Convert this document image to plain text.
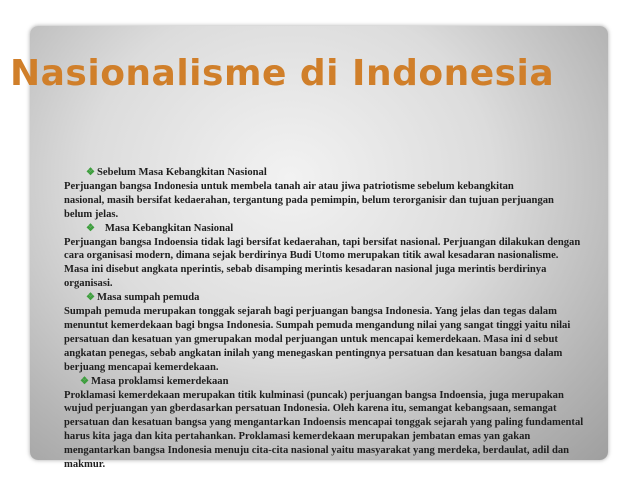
Nasionalisme di Indonesia

❖ Sebelum Masa Kebangkitan Nasional

Perjuangan bangsa Indonesia untuk membela tanah air atau jiwa patriotisme sebelum kebangkitan

nasional, masih bersifat kedaerahan, tergantung pada pemimpin, belum terorganisir dan tujuan perjuangan

belum jelas.

❖   Masa Kebangkitan Nasional

Perjuangan bangsa Indoensia tidak lagi bersifat kedaerahan, tapi bersifat nasional. Perjuangan dilakukan dengan

cara organisasi modern, dimana sejak berdirinya Budi Utomo merupakan titik awal kesadaran nasionalisme.

Masa ini disebut angkata nperintis, sebab disamping merintis kesadaran nasional juga merintis berdirinya

organisasi.

❖ Masa sumpah pemuda

Sumpah pemuda merupakan tonggak sejarah bagi perjuangan bangsa Indonesia. Yang jelas dan tegas dalam

menuntut kemerdekaan bagi bngsa Indonesia. Sumpah pemuda mengandung nilai yang sangat tinggi yaitu nilai

persatuan dan kesatuan yan gmerupakan modal perjuangan untuk mencapai kemerdekaan. Masa ini d sebut

angkatan penegas, sebab angkatan inilah yang menegaskan pentingnya persatuan dan kesatuan bangsa dalam

berjuang mencapai kemerdekaan.

❖ Masa proklamsi kemerdekaan

Proklamasi kemerdekaan merupakan titik kulminasi (puncak) perjuangan bangsa Indoensia, juga merupakan

wujud perjuangan yan gberdasarkan persatuan Indonesia. Oleh karena itu, semangat kebangsaan, semangat

persatuan dan kesatuan bangsa yang mengantarkan Indoensis mencapai tonggak sejarah yang paling fundamental

harus kita jaga dan kita pertahankan. Proklamasi kemerdekaan merupakan jembatan emas yan gakan

mengantarkan bangsa Indonesia menuju cita-cita nasional yaitu masyarakat yang merdeka, berdaulat, adil dan

makmur.
